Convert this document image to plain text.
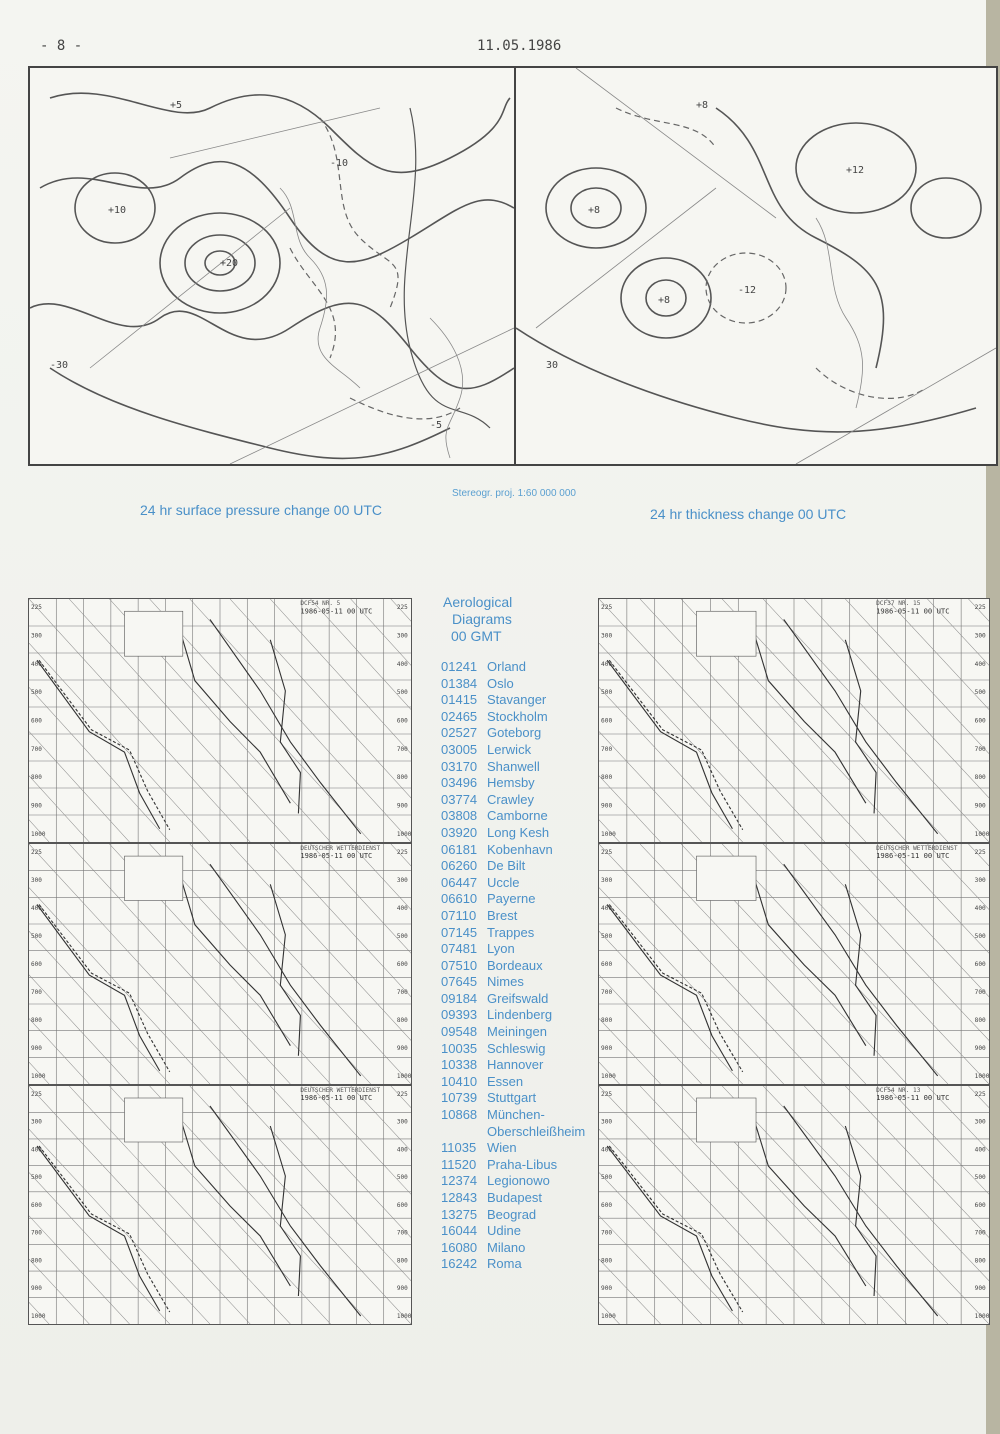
- 8 -	11.05.1986
+20
+10
-10
-30
-5
+5
+8
+8
-12
+12
30
+8
24 hr surface pressure change 00 UTC
Stereogr. proj. 1:60 000 000
24 hr thickness change 00 UTC
225	225
300	300
400	400
500	500
600	600
700	700
800	800
900	900
1000	1000
1986-05-11 00 UTC
DCF54 NR. 5
225	225
300	300
400	400
500	500
600	600
700	700
800	800
900	900
1000	1000
1986-05-11 00 UTC
DEUTSCHER WETTERDIENST
225	225
300	300
400	400
500	500
600	600
700	700
800	800
900	900
1000	1000
1986-05-11 00 UTC
DEUTSCHER WETTERDIENST
225	225
300	300
400	400
500	500
600	600
700	700
800	800
900	900
1000	1000
1986-05-11 00 UTC
DCF37 NR. 15
225	225
300	300
400	400
500	500
600	600
700	700
800	800
900	900
1000	1000
1986-05-11 00 UTC
DEUTSCHER WETTERDIENST
225	225
300	300
400	400
500	500
600	600
700	700
800	800
900	900
1000	1000
1986-05-11 00 UTC
DCF54 NR. 13
Aerological
Diagrams
00 GMT
01241 Orland
01384 Oslo
01415 Stavanger
02465 Stockholm
02527 Goteborg
03005 Lerwick
03170 Shanwell
03496 Hemsby
03774 Crawley
03808 Camborne
03920 Long Kesh
06181 Kobenhavn
06260 De Bilt
06447 Uccle
06610 Payerne
07110 Brest
07145 Trappes
07481 Lyon
07510 Bordeaux
07645 Nimes
09184 Greifswald
09393 Lindenberg
09548 Meiningen
10035 Schleswig
10338 Hannover
10410 Essen
10739 Stuttgart
10868 München-
Oberschleißheim
11035 Wien
11520 Praha-Libus
12374 Legionowo
12843 Budapest
13275 Beograd
16044 Udine
16080 Milano
16242 Roma
